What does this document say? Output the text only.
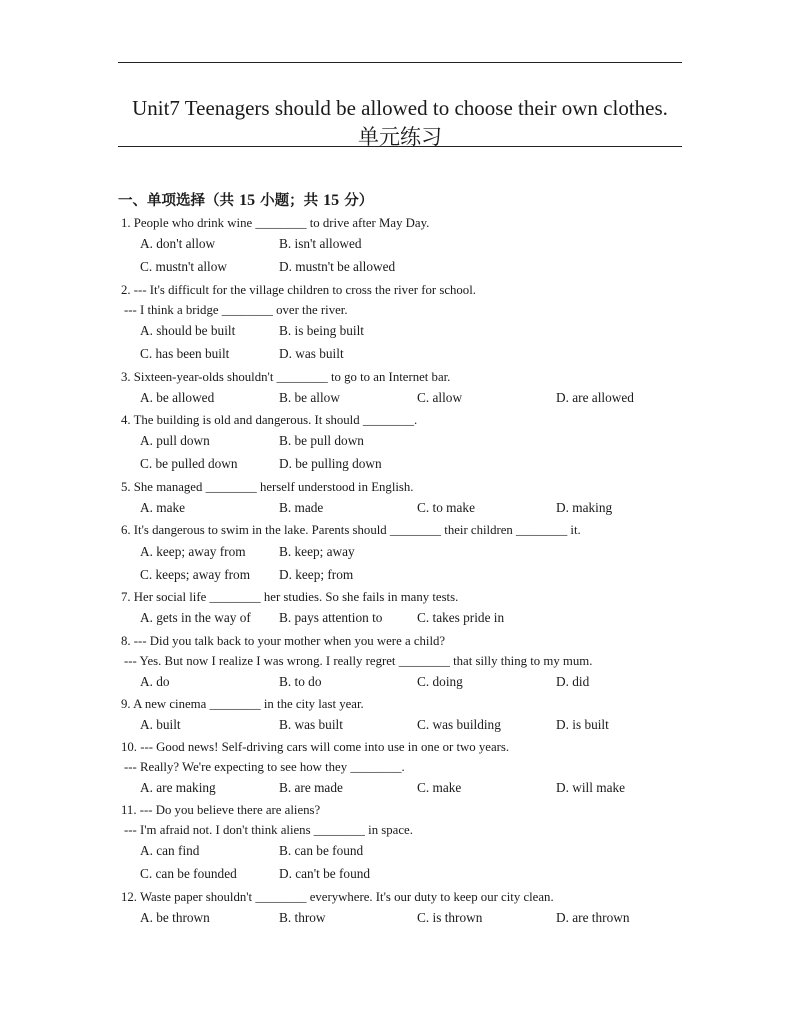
Unit7 Teenagers should be allowed to choose their own clothes.
单元练习
一、单项选择（共 15 小题；共 15 分）
1. People who drink wine ________ to drive after May Day.
A. don't allow	B. isn't allowed
C. mustn't allow	D. mustn't be allowed
2. --- It's difficult for the village children to cross the river for school.
--- I think a bridge ________ over the river.
A. should be built	B. is being built
C. has been built	D. was built
3. Sixteen-year-olds shouldn't ________ to go to an Internet bar.
A. be allowed	B. be allow	C. allow	D. are allowed
4. The building is old and dangerous. It should ________.
A. pull down	B. be pull down
C. be pulled down	D. be pulling down
5. She managed ________ herself understood in English.
A. make	B. made	C. to make	D. making
6. It's dangerous to swim in the lake. Parents should ________ their children ________ it.
A. keep; away from	B. keep; away
C. keeps; away from D. keep; from
7. Her social life ________ her studies. So she fails in many tests.
A. gets in the way of B. pays attention to	C. takes pride in
8. --- Did you talk back to your mother when you were a child?
--- Yes. But now I realize I was wrong. I really regret ________ that silly thing to my mum.
A. do	B. to do	C. doing	D. did
9. A new cinema ________ in the city last year.
A. built	B. was built	C. was building	D. is built
10. --- Good news! Self-driving cars will come into use in one or two years.
--- Really? We're expecting to see how they ________.
A. are making	B. are made	C. make	D. will make
11. --- Do you believe there are aliens?
--- I'm afraid not. I don't think aliens ________ in space.
A. can find	B. can be found
C. can be founded	D. can't be found
12. Waste paper shouldn't ________ everywhere. It's our duty to keep our city clean.
A. be thrown	B. throw	C. is thrown	D. are thrown
